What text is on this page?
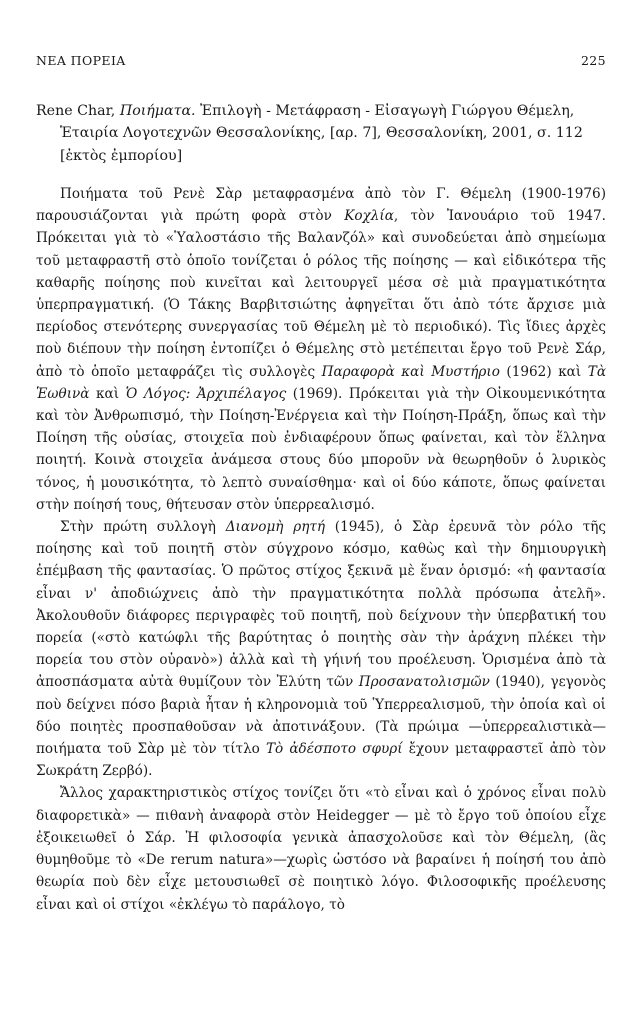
ΝΕΑ ΠΟΡΕΙΑ	225
Rene Char, Ποιήματα. Ἐπιλογὴ - Μετάφραση - Εἰσαγωγὴ Γιώργου Θέμελη, Ἑταιρία Λογοτεχνῶν Θεσσαλονίκης, [αρ. 7], Θεσσαλονίκη, 2001, σ. 112 [ἐκτὸς ἐμπορίου]

Ποιήματα τοῦ Ρενὲ Σὰρ μεταφρασμένα ἀπὸ τὸν Γ. Θέμελη (1900-1976) παρουσιάζονται γιὰ πρώτη φορὰ στὸν Κοχλία, τὸν Ἰανουάριο τοῦ 1947. Πρόκειται γιὰ τὸ «Ὑαλοστάσιο τῆς Βαλανζόλ» καὶ συνοδεύεται ἀπὸ σημείωμα τοῦ μεταφραστῆ στὸ ὁποῖο τονίζεται ὁ ρόλος τῆς ποίησης — καὶ εἰδικότερα τῆς καθαρῆς ποίησης ποὺ κινεῖται καὶ λειτουργεῖ μέσα σὲ μιὰ πραγματικότητα ὑπερπραγματική. (Ὁ Τάκης Βαρβιτσιώτης ἀφηγεῖται ὅτι ἀπὸ τότε ἄρχισε μιὰ περίοδος στενότερης συνεργασίας τοῦ Θέμελη μὲ τὸ περιοδικό). Τὶς ἴδιες ἀρχὲς ποὺ διέπουν τὴν ποίηση ἐντοπίζει ὁ Θέμελης στὸ μετέπειται ἔργο τοῦ Ρενὲ Σάρ, ἀπὸ τὸ ὁποῖο μεταφράζει τὶς συλλογὲς Παραφορὰ καὶ Μυστήριο (1962) καὶ Τὰ Ἑωθινὰ καὶ Ὁ Λόγος: Ἀρχιπέλαγος (1969). Πρόκειται γιὰ τὴν Οἰκουμενικότητα καὶ τὸν Ἀνθρωπισμό, τὴν Ποίηση-Ἐνέργεια καὶ τὴν Ποίηση-Πράξη, ὅπως καὶ τὴν Ποίηση τῆς οὐσίας, στοιχεῖα ποὺ ἐνδιαφέρουν ὅπως φαίνεται, καὶ τὸν ἕλληνα ποιητή. Κοινὰ στοιχεῖα ἀνάμεσα στους δύο μποροῦν νὰ θεωρηθοῦν ὁ λυρικὸς τόνος, ἡ μουσικότητα, τὸ λεπτὸ συναίσθημα· καὶ οἱ δύο κάποτε, ὅπως φαίνεται στὴν ποίησή τους, θήτευσαν στὸν ὑπερρεαλισμό.

Στὴν πρώτη συλλογὴ Διανομὴ ρητή (1945), ὁ Σὰρ ἐρευνᾶ τὸν ρόλο τῆς ποίησης καὶ τοῦ ποιητῆ στὸν σύγχρονο κόσμο, καθὼς καὶ τὴν δημιουργικὴ ἐπέμβαση τῆς φαντασίας. Ὁ πρῶτος στίχος ξεκινᾶ μὲ ἕναν ὁρισμό: «ἡ φαντασία εἶναι ν' ἀποδιώχνεις ἀπὸ τὴν πραγματικότητα πολλὰ πρόσωπα ἀτελῆ». Ἀκολουθοῦν διάφορες περιγραφὲς τοῦ ποιητῆ, ποὺ δείχνουν τὴν ὑπερβατική του πορεία («στὸ κατώφλι τῆς βαρύτητας ὁ ποιητὴς σὰν τὴν ἀράχνη πλέκει τὴν πορεία του στὸν οὐρανὸ») ἀλλὰ καὶ τὴ γήινή του προέλευση. Ὁρισμένα ἀπὸ τὰ ἀποσπάσματα αὐτὰ θυμίζουν τὸν Ἐλύτη τῶν Προσανατολισμῶν (1940), γεγονὸς ποὺ δείχνει πόσο βαριὰ ἦταν ἡ κληρονομιὰ τοῦ Ὑπερρεαλισμοῦ, τὴν ὁποία καὶ οἱ δύο ποιητὲς προσπαθοῦσαν νὰ ἀποτινάξουν. (Τὰ πρώιμα —ὑπερρεαλιστικὰ— ποιήματα τοῦ Σὰρ μὲ τὸν τίτλο Τὸ ἀδέσποτο σφυρί ἔχουν μεταφραστεῖ ἀπὸ τὸν Σωκράτη Ζερβό).

Ἄλλος χαρακτηριστικὸς στίχος τονίζει ὅτι «τὸ εἶναι καὶ ὁ χρόνος εἶναι πολὺ διαφορετικὰ» — πιθανὴ ἀναφορὰ στὸν Heidegger — μὲ τὸ ἔργο τοῦ ὁποίου εἶχε ἐξοικειωθεῖ ὁ Σάρ. Ἡ φιλοσοφία γενικὰ ἀπασχολοῦσε καὶ τὸν Θέμελη, (ἂς θυμηθοῦμε τὸ «De rerum natura»—χωρὶς ὡστόσο νὰ βαραίνει ἡ ποίησή του ἀπὸ θεωρία ποὺ δὲν εἶχε μετουσιωθεῖ σὲ ποιητικὸ λόγο. Φιλοσοφικῆς προέλευσης εἶναι καὶ οἱ στίχοι «ἐκλέγω τὸ παράλογο, τὸ
